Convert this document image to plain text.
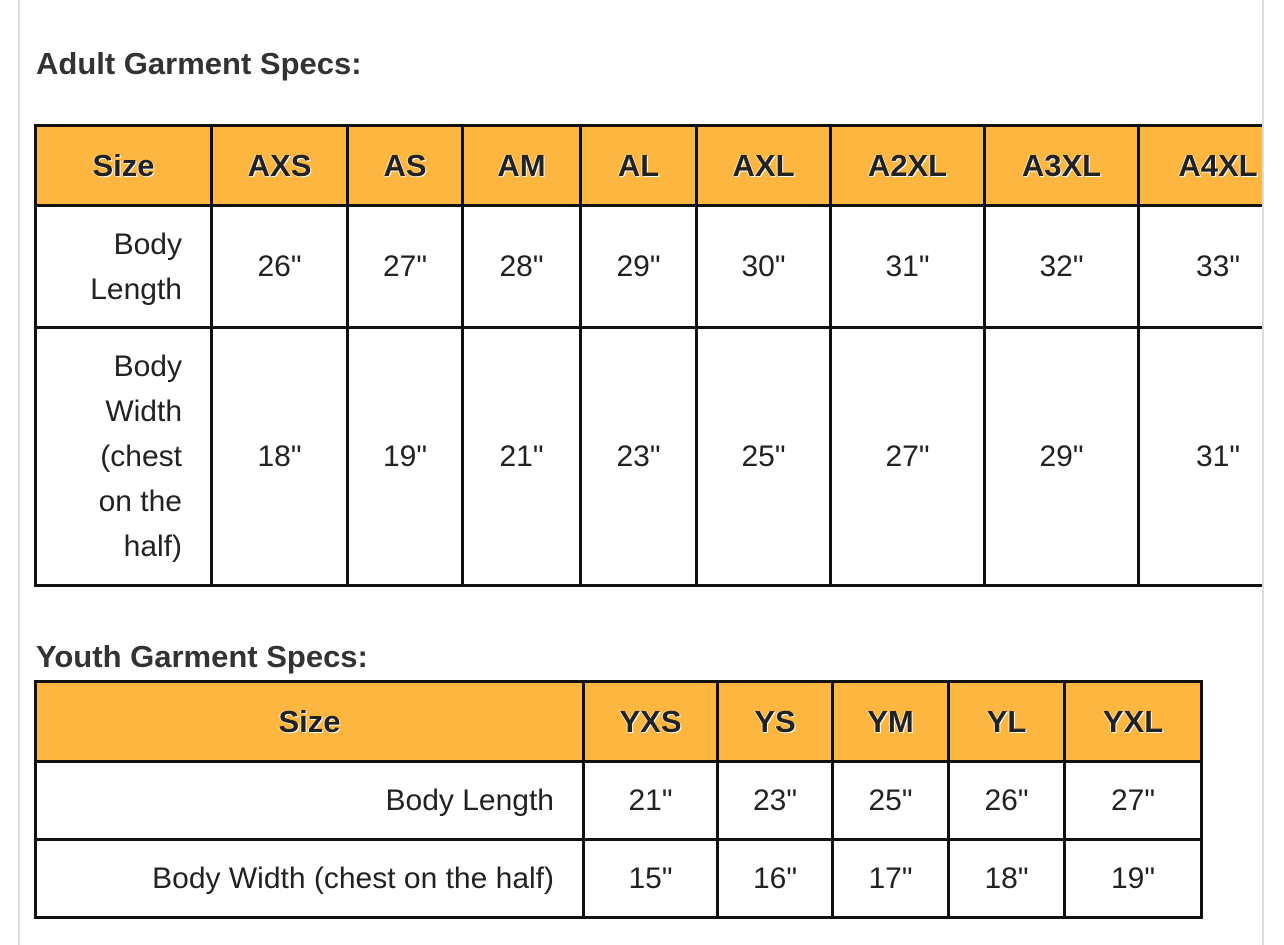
Adult Garment Specs:
Size	AXS	AS	AM	AL	AXL	A2XL	A3XL	A4XL

Body
Length	26"	27"	28"	29"	30"	31"	32"	33"

Body
Width
(chest
on the
half)	18"	19"	21"	23"	25"	27"	29"	31"
Youth Garment Specs:
Size	YXS	YS	YM	YL	YXL
Body Length	21"	23"	25"	26"	27"
Body Width (chest on the half)	15"	16"	17"	18"	19"
